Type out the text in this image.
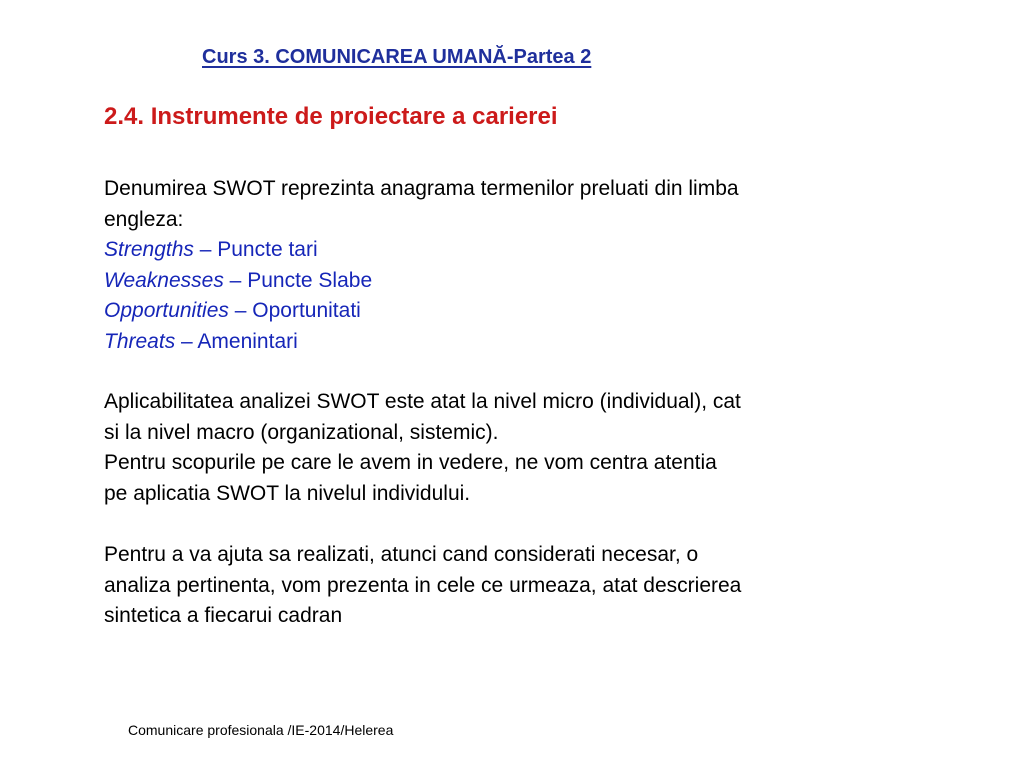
Curs 3. COMUNICAREA UMANĂ-Partea 2
2.4. Instrumente de proiectare a carierei
Denumirea SWOT reprezinta anagrama termenilor preluati din limba
engleza:
Strengths – Puncte tari
Weaknesses – Puncte Slabe
Opportunities – Oportunitati
Threats – Amenintari
Aplicabilitatea analizei SWOT este atat la nivel micro (individual), cat
si la nivel macro (organizational, sistemic).
Pentru scopurile pe care le avem in vedere, ne vom centra atentia
pe aplicatia SWOT la nivelul individului.
Pentru a va ajuta sa realizati, atunci cand considerati necesar, o
analiza pertinenta, vom prezenta in cele ce urmeaza, atat descrierea
sintetica a fiecarui cadran
Comunicare profesionala /IE-2014/Helerea
